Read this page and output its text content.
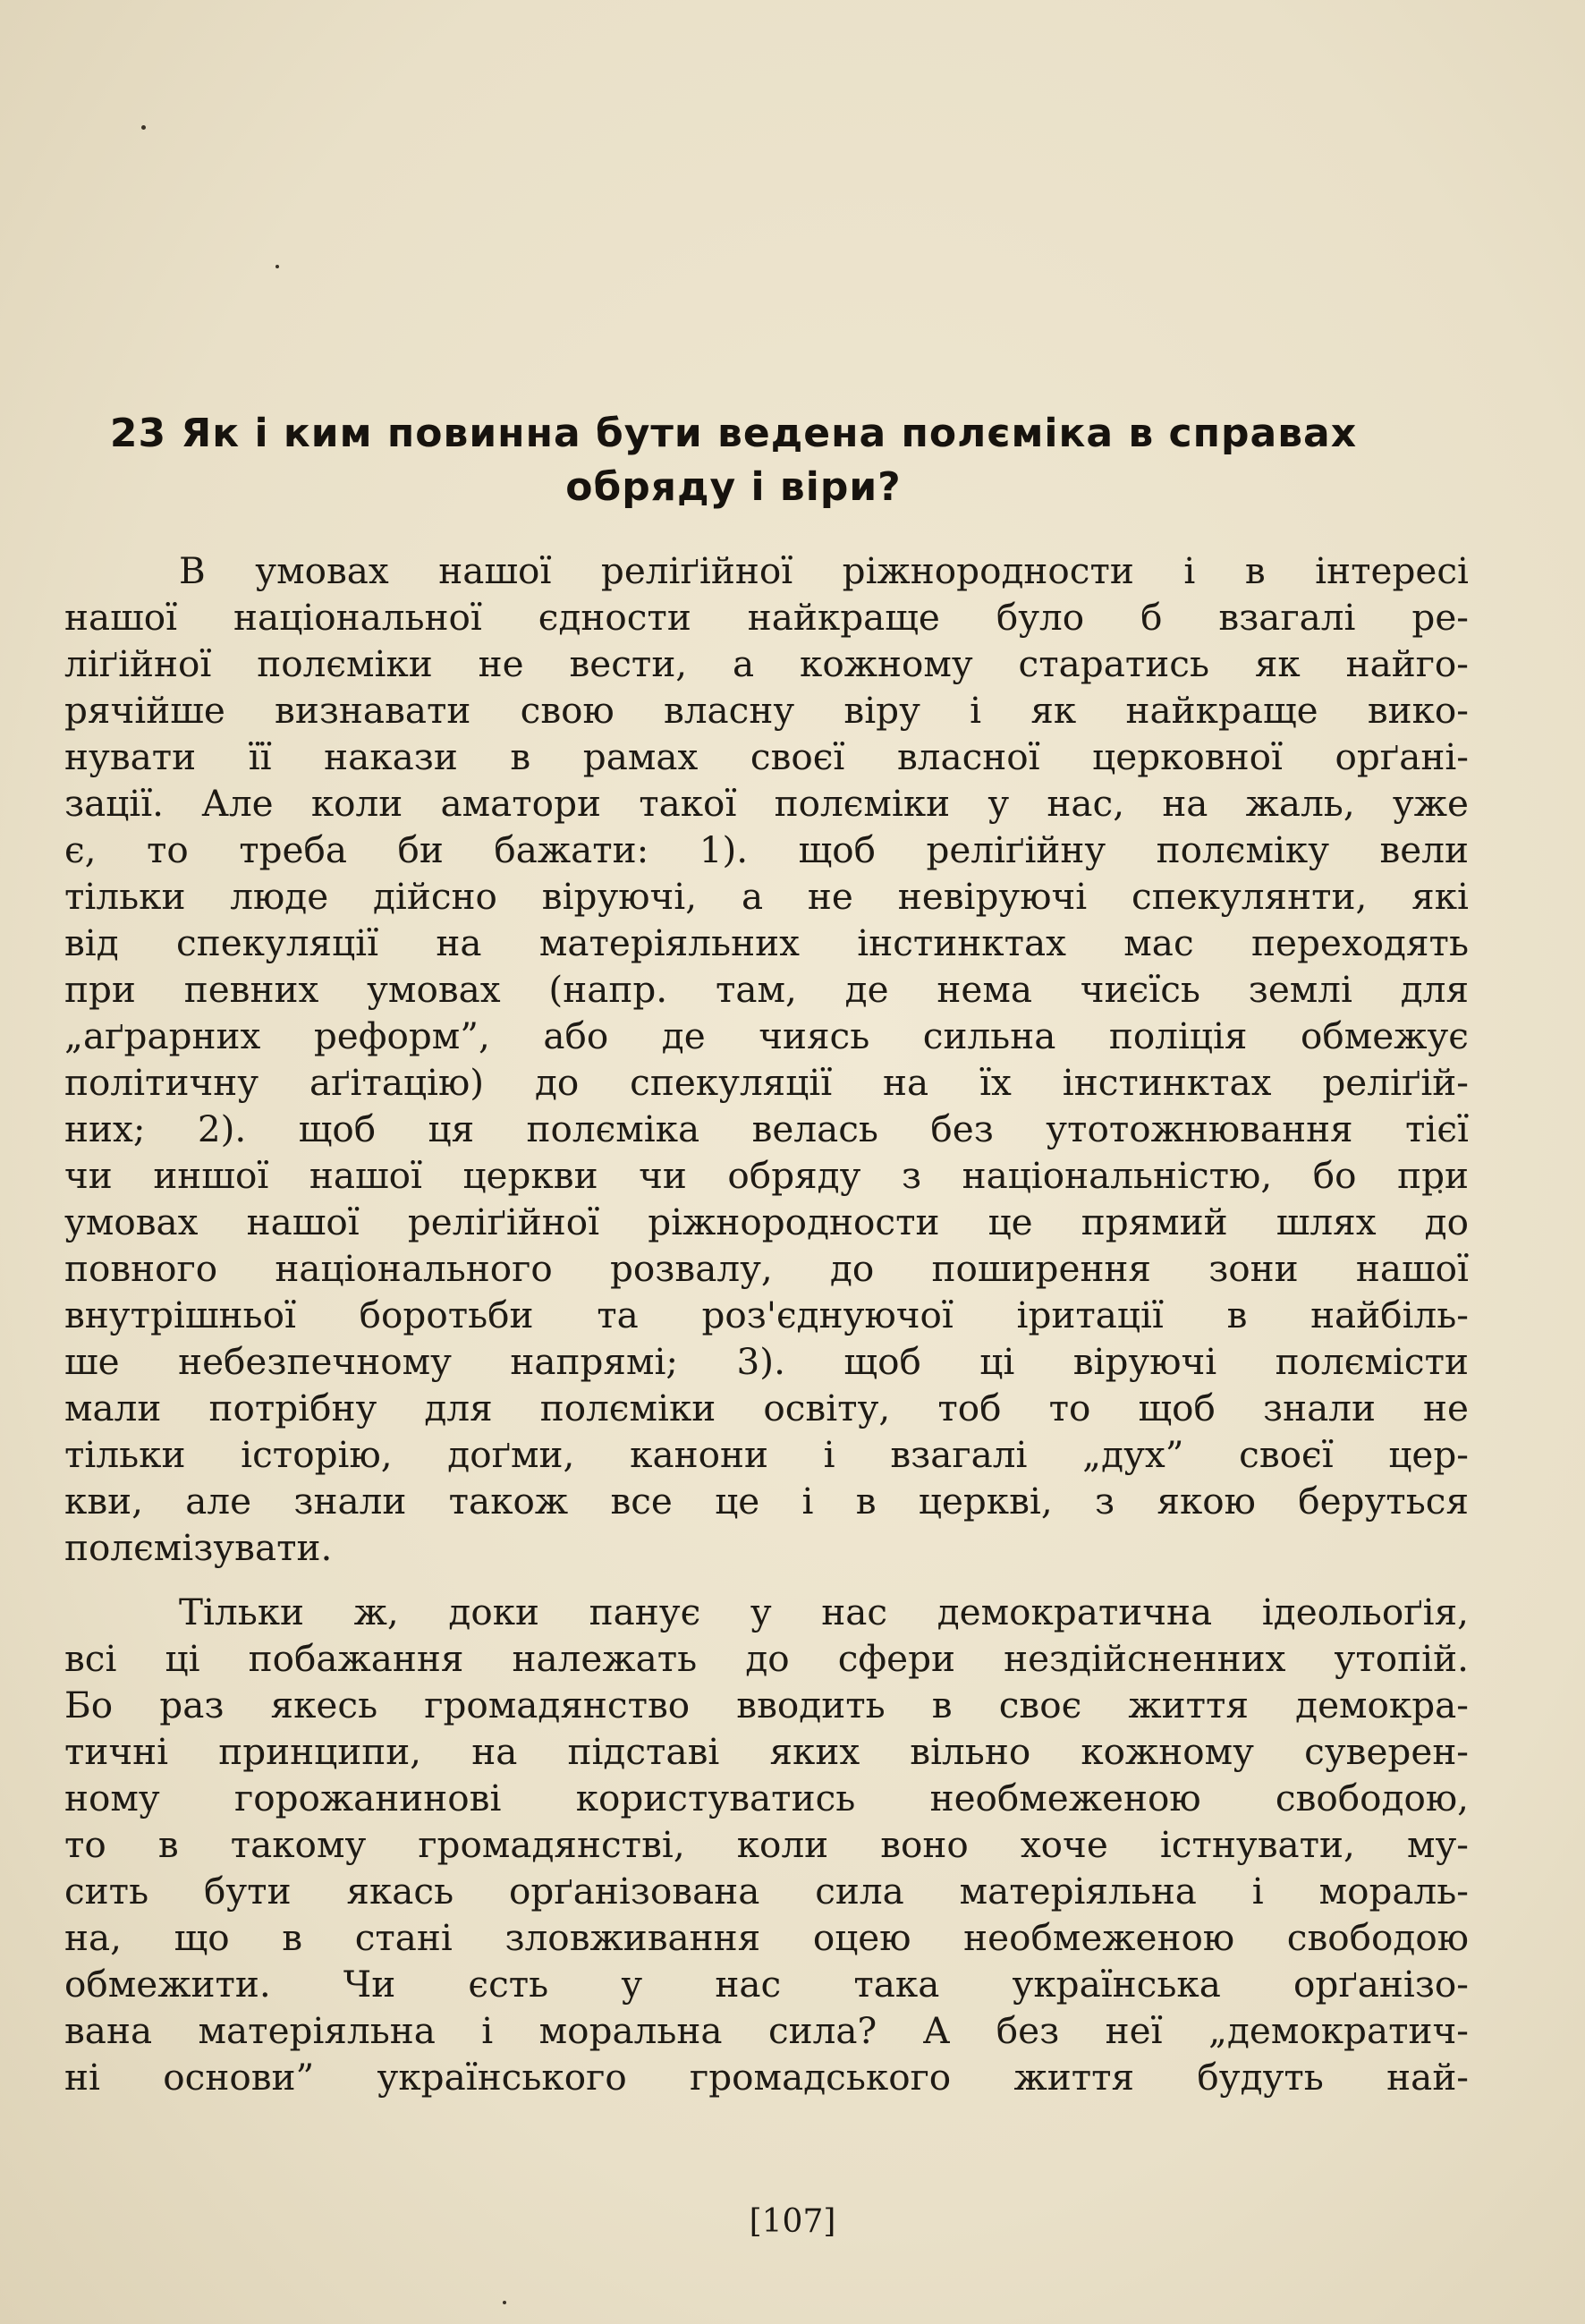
23 Як і ким повинна бути ведена полєміка в справах
обряду і віри?
В умовах нашої реліґійної ріжнородности і в інтересі
нашої національної єдности найкраще було б взагалі ре-
ліґійної полєміки не вести, а кожному старатись як найго-
рячійше визнавати свою власну віру і як найкраще вико-
нувати її накази в рамах своєї власної церковної орґані-
зації. Але коли аматори такої полєміки у нас, на жаль, уже
є, то треба би бажати: 1). щоб реліґійну полєміку вели
тільки люде дійсно віруючі, а не невіруючі спекулянти, які
від спекуляції на матеріяльних інстинктах мас переходять
при певних умовах (напр. там, де нема чиєїсь землі для
„аґрарних реформ”, або де чиясь сильна поліція обмежує
політичну аґітацію) до спекуляції на їх інстинктах реліґій-
них; 2). щоб ця полєміка велась без утотожнювання тієї
чи иншої нашої церкви чи обряду з національністю, бо при
умовах нашої реліґійної ріжнородности це прямий шлях до
повного національного розвалу, до поширення зони нашої
внутрішньої боротьби та роз'єднуючої іритації в найбіль-
ше небезпечному напрямі; 3). щоб ці віруючі полємісти
мали потрібну для полєміки освіту, тоб то щоб знали не
тільки історію, доґми, канони і взагалі „дух” своєї цер-
кви, але знали також все це і в церкві, з якою беруться
полємізувати.
Тільки ж, доки панує у нас демократична ідеольоґія,
всі ці побажання належать до сфери нездійсненних утопій.
Бо раз якесь громадянство вводить в своє життя демокра-
тичні принципи, на підставі яких вільно кожному суверен-
ному горожанинові користуватись необмеженою свободою,
то в такому громадянстві, коли воно хоче істнувати, му-
сить бути якась орґанізована сила матеріяльна і мораль-
на, що в стані зловживання оцею необмеженою свободою
обмежити. Чи єсть у нас така українська орґанізо-
вана матеріяльна і моральна сила? А без неї „демократич-
ні основи” українського громадського життя будуть най-
[107]
